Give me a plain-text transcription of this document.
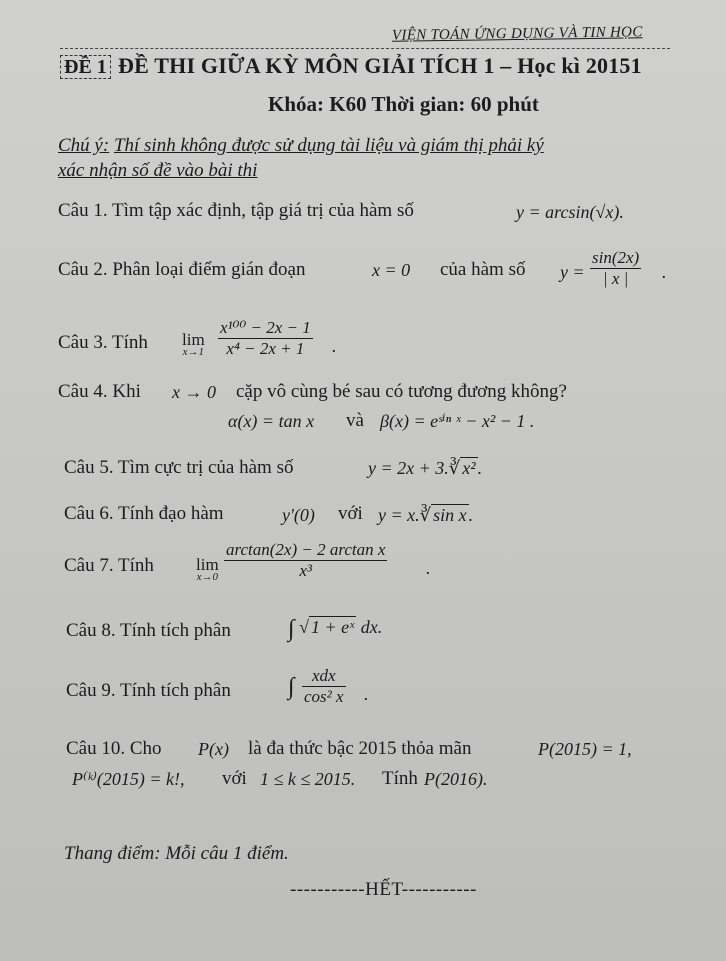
VIỆN TOÁN ỨNG DỤNG VÀ TIN HỌC
ĐỀ 1 ĐỀ THI GIỮA KỲ MÔN GIẢI TÍCH 1 – Học kì 20151
Khóa: K60 Thời gian: 60 phút
Chú ý: Thí sinh không được sử dụng tài liệu và giám thị phải ký
xác nhận số đề vào bài thi
Câu 1. Tìm tập xác định, tập giá trị của hàm số	y = arcsin(√x).
Câu 2. Phân loại điểm gián đoạn	x = 0 của hàm số $y = \frac{\sin(2x)}{| x |}$ .
Câu 3. Tính lim
$x\to 1 \frac{\text{x¹⁰⁰ − 2x − 1}}{\text{x⁴ − 2x + 1}}$ .
Câu 4. Khi x → 0 cặp vô cùng bé sau có tương đương không?
α(x) = tan x và β(x) = eˢⁱⁿ ˣ − x² − 1 .
Câu 5. Tìm cực trị của hàm số	y = 2x + 3.∛ x² .
Câu 6. Tính đạo hàm	y'(0) với y = x.∛ sin x .
Câu 7. Tính lim
$x\to 0 \frac{\text{arctan(2x) − 2 arctan x}}{\text{x³}}$ .
Câu 8. Tính tích phân ∫ √ 1 + eˣ dx.
Câu 9. Tính tích phân ∫	xdx
cos² x .
Câu 10. Cho P(x) là đa thức bậc 2015 thỏa mãn	P(2015) = 1,
P⁽ᵏ⁾(2015) = k!, với 1 ≤ k ≤ 2015. Tính P(2016).
Thang điểm: Mỗi câu 1 điểm.
-----------HẾT-----------
